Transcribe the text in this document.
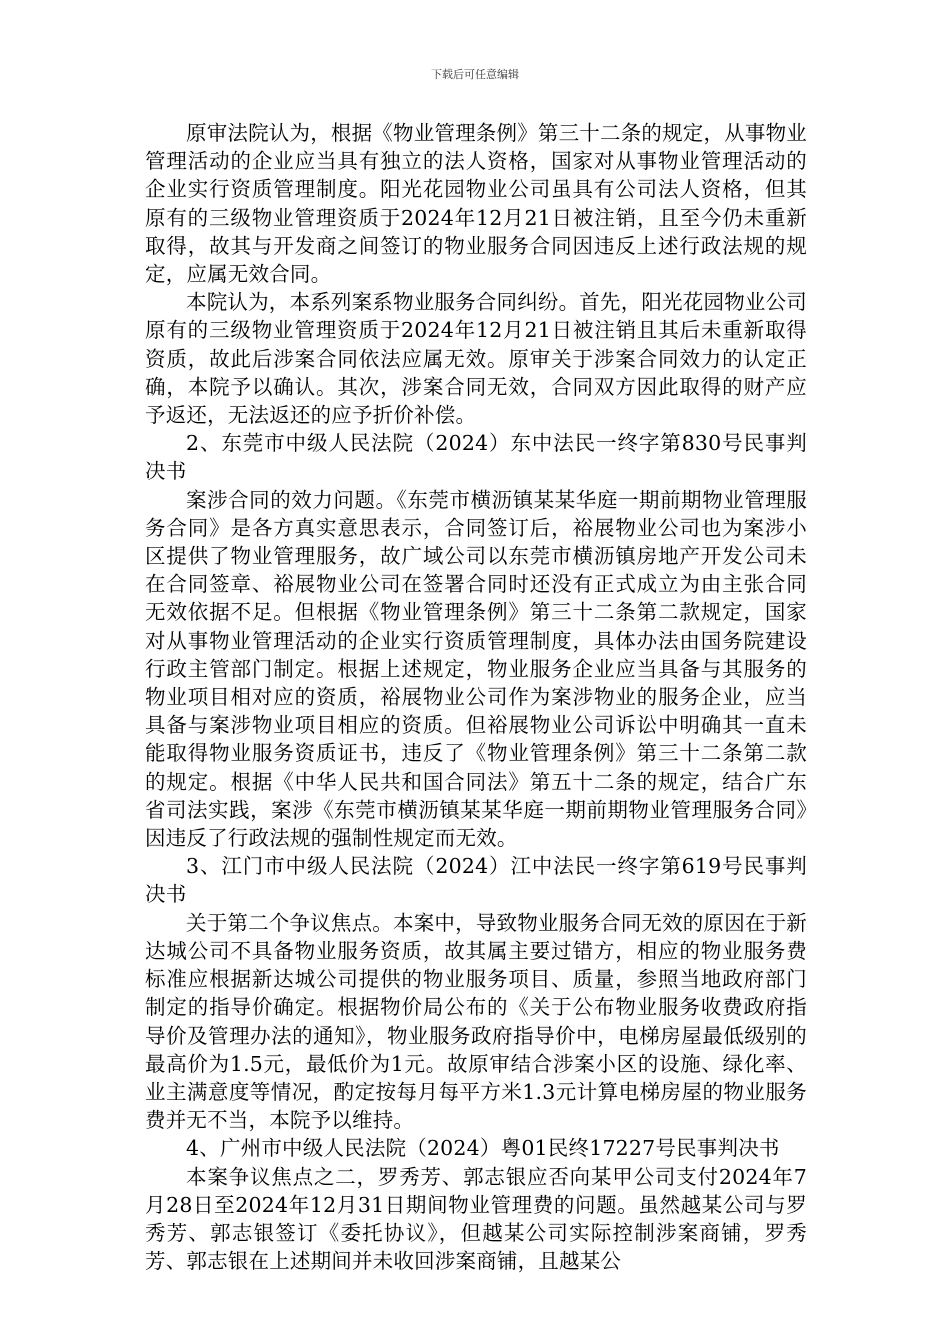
下载后可任意编辑

原审法院认为，根据《物业管理条例》第三十二条的规定，从事物业管理活动的企业应当具有独立的法人资格，国家对从事物业管理活动的企业实行资质管理制度。阳光花园物业公司虽具有公司法人资格，但其原有的三级物业管理资质于2024年12月21日被注销，且至今仍未重新取得，故其与开发商之间签订的物业服务合同因违反上述行政法规的规定，应属无效合同。

本院认为，本系列案系物业服务合同纠纷。首先，阳光花园物业公司原有的三级物业管理资质于2024年12月21日被注销且其后未重新取得资质，故此后涉案合同依法应属无效。原审关于涉案合同效力的认定正确，本院予以确认。其次，涉案合同无效，合同双方因此取得的财产应予返还，无法返还的应予折价补偿。

2、东莞市中级人民法院（2024）东中法民一终字第830号民事判决书

案涉合同的效力问题。《东莞市横沥镇某某华庭一期前期物业管理服务合同》是各方真实意思表示，合同签订后，裕展物业公司也为案涉小区提供了物业管理服务，故广域公司以东莞市横沥镇房地产开发公司未在合同签章、裕展物业公司在签署合同时还没有正式成立为由主张合同无效依据不足。但根据《物业管理条例》第三十二条第二款规定，国家对从事物业管理活动的企业实行资质管理制度，具体办法由国务院建设行政主管部门制定。根据上述规定，物业服务企业应当具备与其服务的物业项目相对应的资质，裕展物业公司作为案涉物业的服务企业，应当具备与案涉物业项目相应的资质。但裕展物业公司诉讼中明确其一直未能取得物业服务资质证书，违反了《物业管理条例》第三十二条第二款的规定。根据《中华人民共和国合同法》第五十二条的规定，结合广东省司法实践，案涉《东莞市横沥镇某某华庭一期前期物业管理服务合同》因违反了行政法规的强制性规定而无效。

3、江门市中级人民法院（2024）江中法民一终字第619号民事判决书

关于第二个争议焦点。本案中，导致物业服务合同无效的原因在于新达城公司不具备物业服务资质，故其属主要过错方，相应的物业服务费标准应根据新达城公司提供的物业服务项目、质量，参照当地政府部门制定的指导价确定。根据物价局公布的《关于公布物业服务收费政府指导价及管理办法的通知》，物业服务政府指导价中，电梯房屋最低级别的最高价为1.5元，最低价为1元。故原审结合涉案小区的设施、绿化率、业主满意度等情况，酌定按每月每平方米1.3元计算电梯房屋的物业服务费并无不当，本院予以维持。

4、广州市中级人民法院（2024）粤01民终17227号民事判决书

本案争议焦点之二，罗秀芳、郭志银应否向某甲公司支付2024年7月28日至2024年12月31日期间物业管理费的问题。虽然越某公司与罗秀芳、郭志银签订《委托协议》，但越某公司实际控制涉案商铺，罗秀芳、郭志银在上述期间并未收回涉案商铺，且越某公
